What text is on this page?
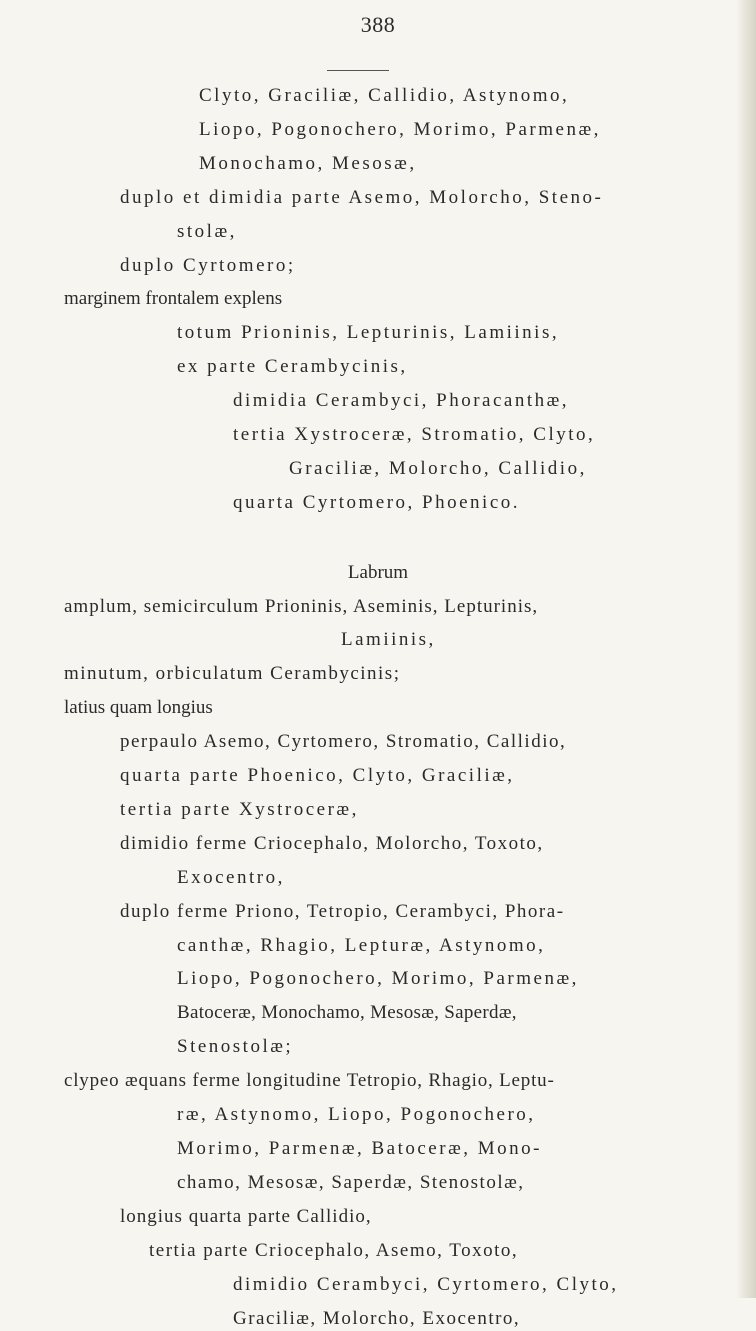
388
Clyto, Graciliæ, Callidio, Astynomo,
Liopo, Pogonochero, Morimo, Parmenæ,
Monochamo, Mesosæ,
duplo et dimidia parte Asemo, Molorcho, Steno-
stolæ,
duplo Cyrtomero;
marginem frontalem explens
totum Prioninis, Lepturinis, Lamiinis,
ex parte Cerambycinis,
dimidia Cerambyci, Phoracanthæ,
tertia Xystroceræ, Stromatio, Clyto,
Graciliæ, Molorcho, Callidio,
quarta Cyrtomero, Phoenico.
Labrum
amplum, semicirculum Prioninis, Aseminis, Lepturinis,
Lamiinis,
minutum, orbiculatum Cerambycinis;
latius quam longius
perpaulo Asemo, Cyrtomero, Stromatio, Callidio,
quarta parte Phoenico, Clyto, Graciliæ,
tertia parte Xystroceræ,
dimidio ferme Criocephalo, Molorcho, Toxoto,
Exocentro,
duplo ferme Priono, Tetropio, Cerambyci, Phora-
canthæ, Rhagio, Lepturæ, Astynomo,
Liopo, Pogonochero, Morimo, Parmenæ,
Batoceræ, Monochamo, Mesosæ, Saperdæ,
Stenostolæ;
clypeo æquans ferme longitudine Tetropio, Rhagio, Leptu-
ræ, Astynomo, Liopo, Pogonochero,
Morimo, Parmenæ, Batoceræ, Mono-
chamo, Mesosæ, Saperdæ, Stenostolæ,
longius quarta parte Callidio,
tertia parte Criocephalo, Asemo, Toxoto,
dimidio Cerambyci, Cyrtomero, Clyto,
Graciliæ, Molorcho, Exocentro,
